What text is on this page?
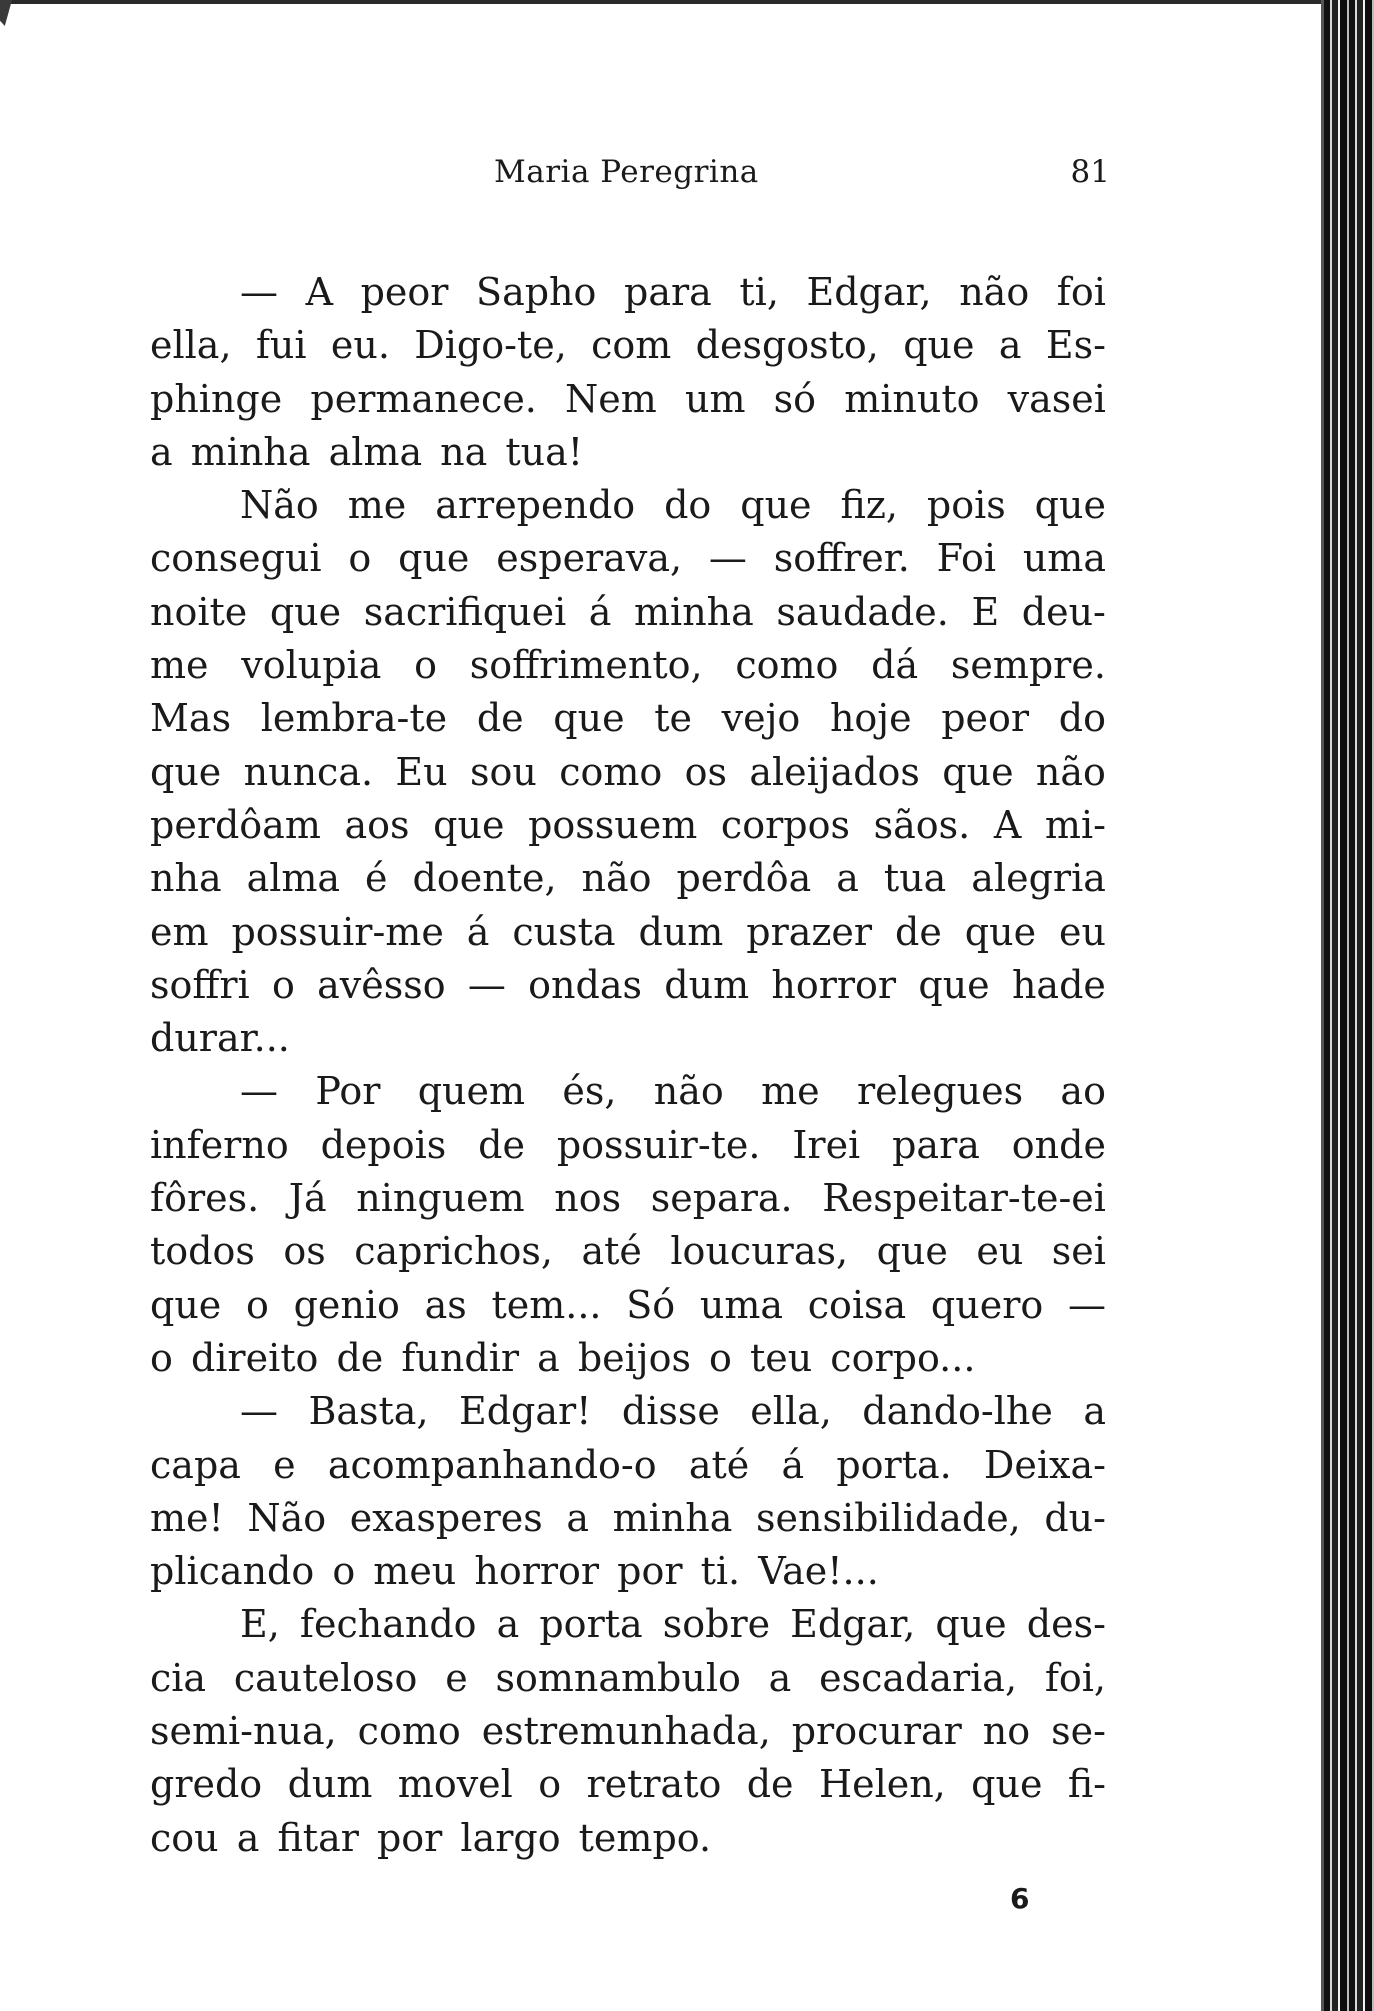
Maria Peregrina	81
— A peor Sapho para ti, Edgar, não foi
ella, fui eu. Digo-te, com desgosto, que a Es-
phinge permanece. Nem um só minuto vasei
a minha alma na tua!
Não me arrependo do que fiz, pois que
consegui o que esperava, — soffrer. Foi uma
noite que sacrifiquei á minha saudade. E deu-
me volupia o soffrimento, como dá sempre.
Mas lembra-te de que te vejo hoje peor do
que nunca. Eu sou como os aleijados que não
perdôam aos que possuem corpos sãos. A mi-
nha alma é doente, não perdôa a tua alegria
em possuir-me á custa dum prazer de que eu
soffri o avêsso — ondas dum horror que hade
durar...
— Por quem és, não me relegues ao
inferno depois de possuir-te. Irei para onde
fôres. Já ninguem nos separa. Respeitar-te-ei
todos os caprichos, até loucuras, que eu sei
que o genio as tem... Só uma coisa quero —
o direito de fundir a beijos o teu corpo...
— Basta, Edgar! disse ella, dando-lhe a
capa e acompanhando-o até á porta. Deixa-
me! Não exasperes a minha sensibilidade, du-
plicando o meu horror por ti. Vae!...
E, fechando a porta sobre Edgar, que des-
cia cauteloso e somnambulo a escadaria, foi,
semi-nua, como estremunhada, procurar no se-
gredo dum movel o retrato de Helen, que fi-
cou a fitar por largo tempo.
6
